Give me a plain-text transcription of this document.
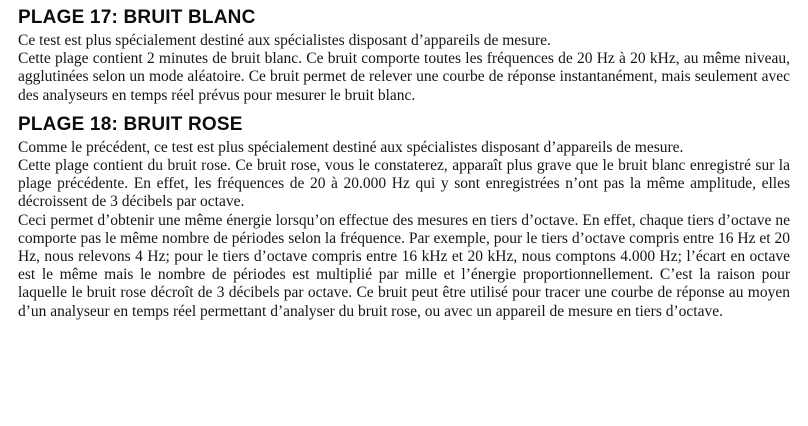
PLAGE 17: BRUIT BLANC

Ce test est plus spécialement destiné aux spécialistes disposant d’appareils de mesure.

Cette plage contient 2 minutes de bruit blanc. Ce bruit comporte toutes les fréquences de 20 Hz à 20 kHz, au même niveau, agglutinées selon un mode aléatoire. Ce bruit permet de relever une courbe de réponse instantanément, mais seulement avec des analyseurs en temps réel prévus pour mesurer le bruit blanc.

PLAGE 18: BRUIT ROSE

Comme le précédent, ce test est plus spécialement destiné aux spécialistes disposant d’appareils de mesure.

Cette plage contient du bruit rose. Ce bruit rose, vous le constaterez, apparaît plus grave que le bruit blanc enregistré sur la plage précédente. En effet, les fréquences de 20 à 20.000 Hz qui y sont enregistrées n’ont pas la même amplitude, elles décroissent de 3 décibels par octave.

Ceci permet d’obtenir une même énergie lorsqu’on effectue des mesures en tiers d’octave. En effet, chaque tiers d’octave ne comporte pas le même nombre de périodes selon la fréquence. Par exemple, pour le tiers d’octave compris entre 16 Hz et 20 Hz, nous relevons 4 Hz; pour le tiers d’octave compris entre 16 kHz et 20 kHz, nous comptons 4.000 Hz; l’écart en octave est le même mais le nombre de périodes est multiplié par mille et l’énergie proportionnellement. C’est la raison pour laquelle le bruit rose décroît de 3 décibels par octave. Ce bruit peut être utilisé pour tracer une courbe de réponse au moyen d’un analyseur en temps réel permettant d’analyser du bruit rose, ou avec un appareil de mesure en tiers d’octave.
